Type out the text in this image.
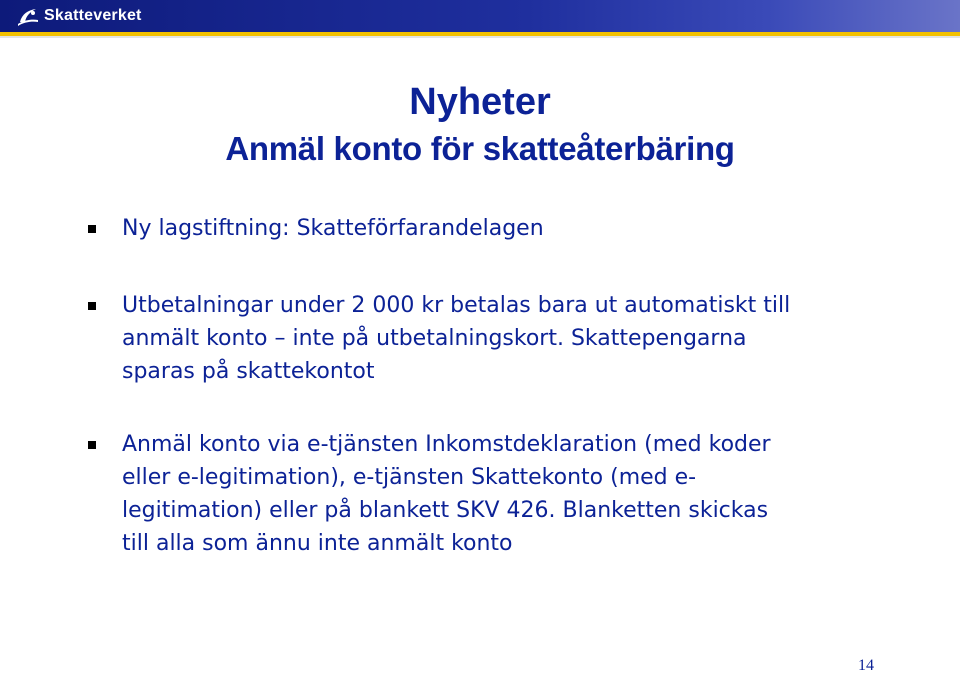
Skatteverket
Nyheter
Anmäl konto för skatteåterbäring
Ny lagstiftning: Skatteförfarandelagen
Utbetalningar under 2 000 kr betalas bara ut automatiskt till
anmält konto – inte på utbetalningskort. Skattepengarna
sparas på skattekontot
Anmäl konto via e-tjänsten Inkomstdeklaration (med koder
eller e-legitimation), e-tjänsten Skattekonto (med e-
legitimation) eller på blankett SKV 426. Blanketten skickas
till alla som ännu inte anmält konto
14
